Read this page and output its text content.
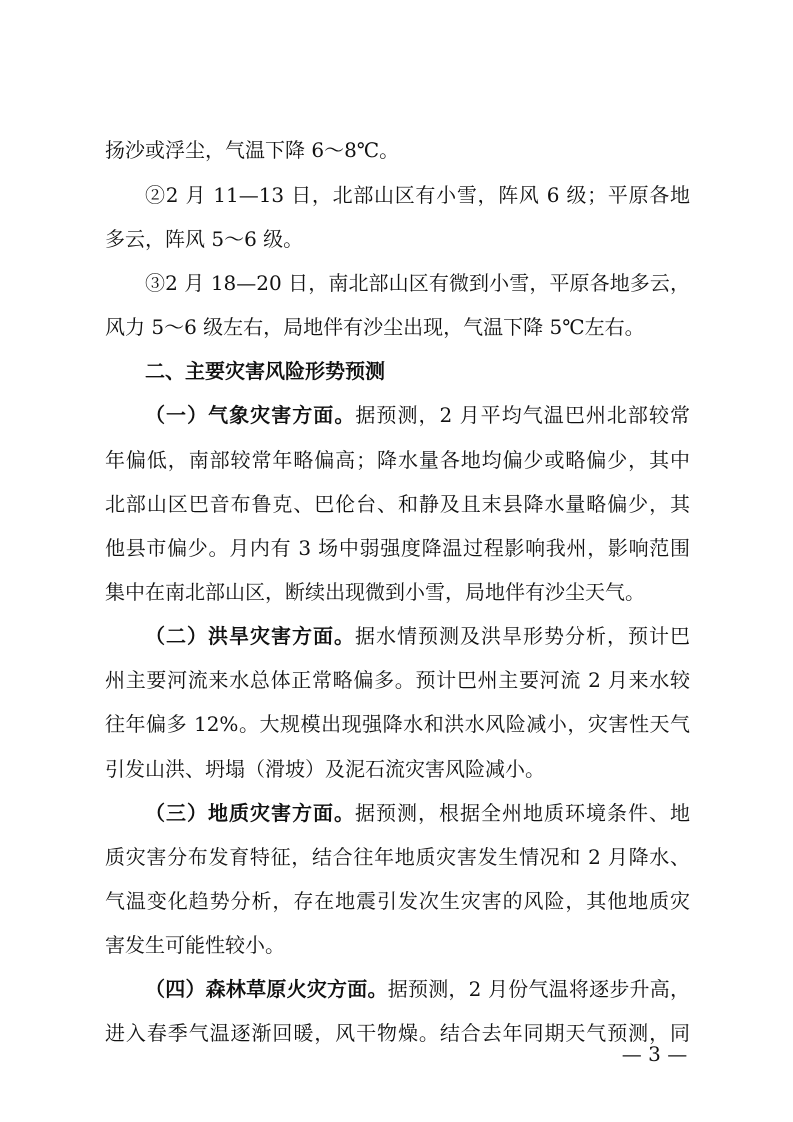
扬沙或浮尘，气温下降 6～8℃。
②2 月 11—13 日，北部山区有小雪，阵风 6 级；平原各地
多云，阵风 5～6 级。
③2 月 18—20 日，南北部山区有微到小雪，平原各地多云，
风力 5～6 级左右，局地伴有沙尘出现，气温下降 5℃左右。
二、主要灾害风险形势预测
（一）气象灾害方面。据预测，2 月平均气温巴州北部较常
年偏低，南部较常年略偏高；降水量各地均偏少或略偏少，其中
北部山区巴音布鲁克、巴伦台、和静及且末县降水量略偏少，其
他县市偏少。月内有 3 场中弱强度降温过程影响我州，影响范围
集中在南北部山区，断续出现微到小雪，局地伴有沙尘天气。
（二）洪旱灾害方面。据水情预测及洪旱形势分析，预计巴
州主要河流来水总体正常略偏多。预计巴州主要河流 2 月来水较
往年偏多 12%。大规模出现强降水和洪水风险减小，灾害性天气
引发山洪、坍塌（滑坡）及泥石流灾害风险减小。
（三）地质灾害方面。据预测，根据全州地质环境条件、地
质灾害分布发育特征，结合往年地质灾害发生情况和 2 月降水、
气温变化趋势分析，存在地震引发次生灾害的风险，其他地质灾
害发生可能性较小。
（四）森林草原火灾方面。据预测，2 月份气温将逐步升高，
进入春季气温逐渐回暖，风干物燥。结合去年同期天气预测，同
— 3 —
